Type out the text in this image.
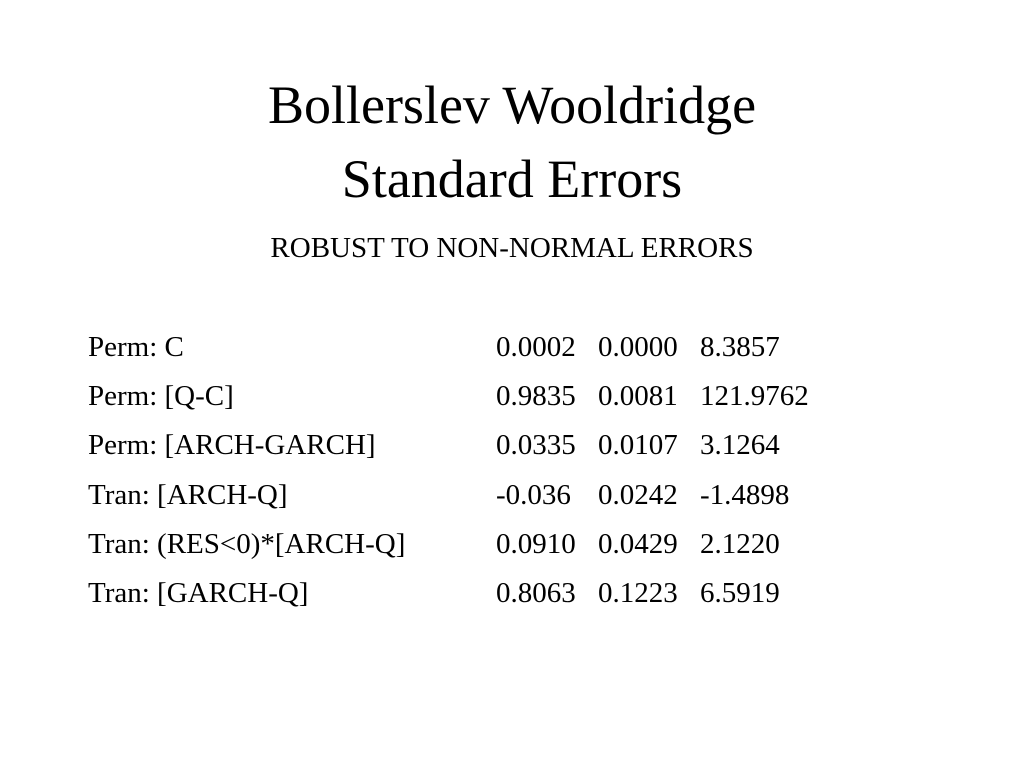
Bollerslev Wooldridge
Standard Errors
ROBUST TO NON-NORMAL ERRORS
Perm: C	0.0002 0.0000 8.3857
Perm: [Q-C]	0.9835 0.0081 121.9762
Perm: [ARCH-GARCH]	0.0335 0.0107 3.1264
Tran: [ARCH-Q]	-0.036 0.0242 -1.4898
Tran: (RES<0)*[ARCH-Q]	0.0910 0.0429 2.1220
Tran: [GARCH-Q]	0.8063 0.1223 6.5919
